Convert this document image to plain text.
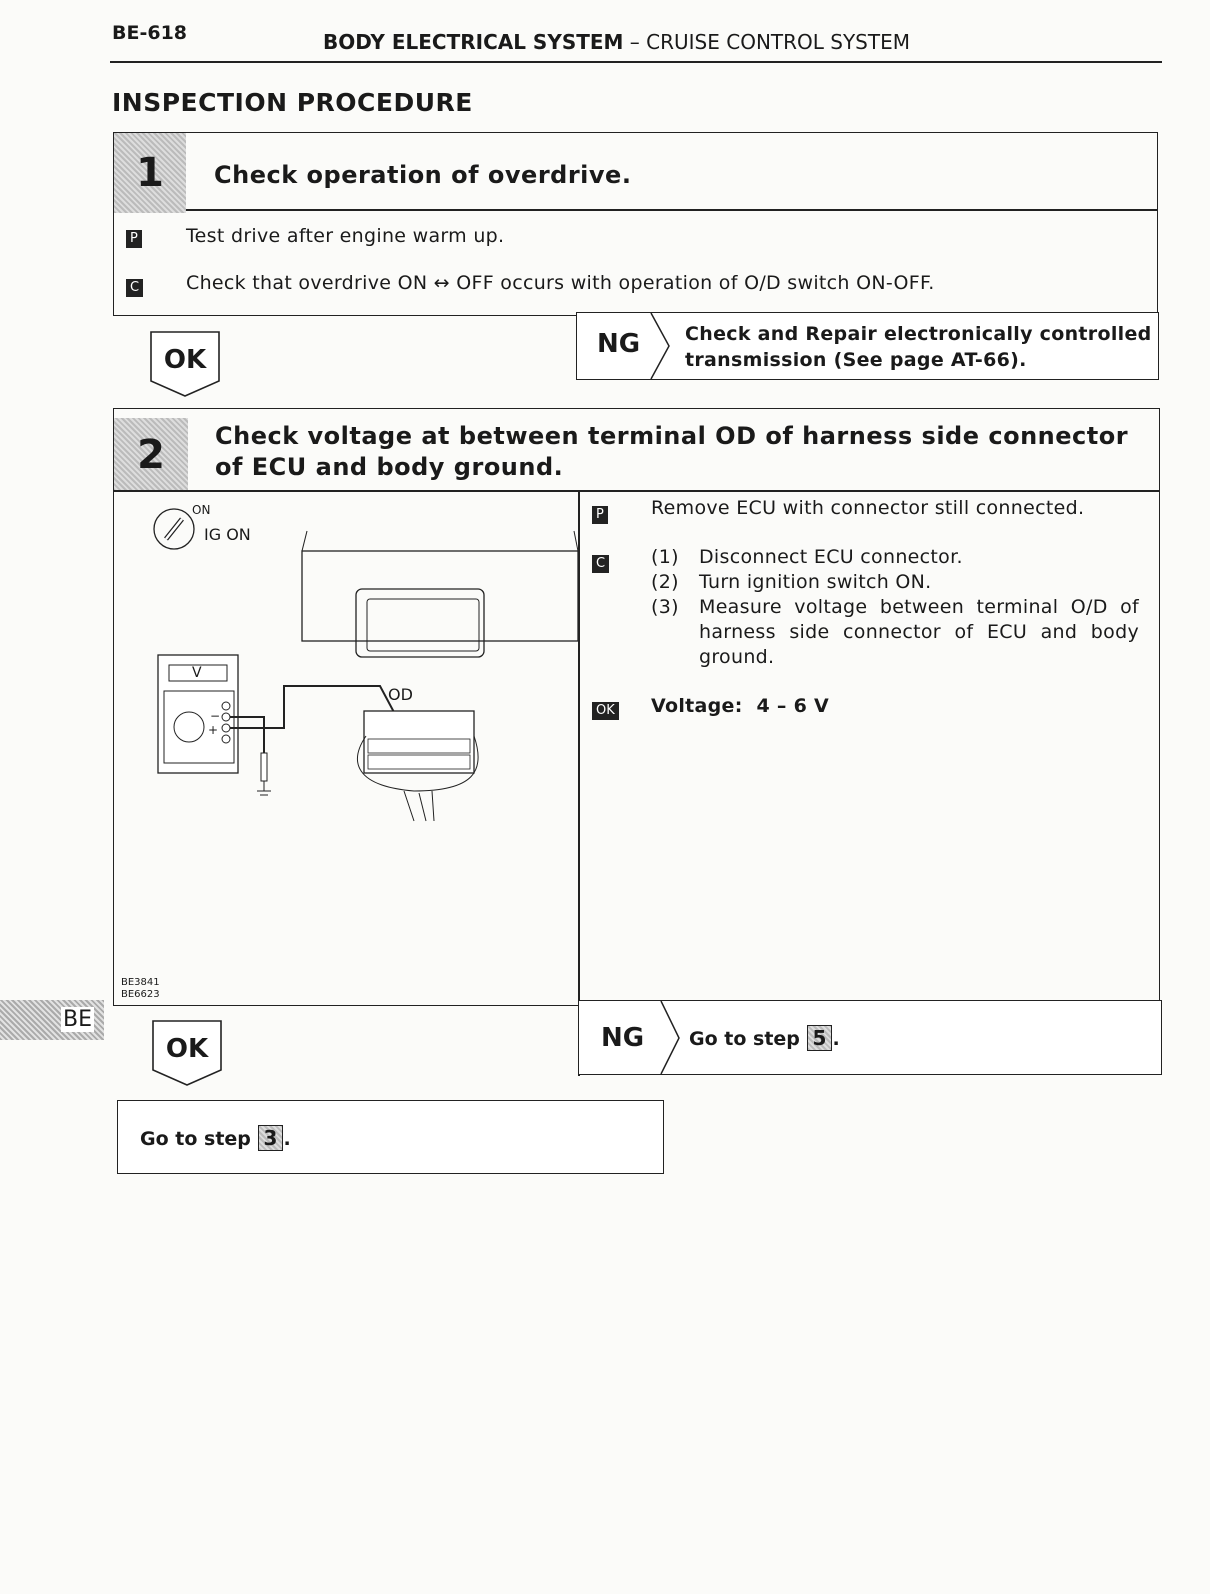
BE-618	BODY ELECTRICAL SYSTEM – CRUISE CONTROL SYSTEM
INSPECTION PROCEDURE
1	Check operation of overdrive.
P	Test drive after engine warm up.
C Check that overdrive ON ↔ OFF occurs with operation of O/D switch ON-OFF.
OK
NG Check and Repair electronically controlled
transmission (See page AT-66).
2	Check voltage at between terminal OD of harness side connector
of ECU and body ground.
ON
IG ON
V
−
+
OD
BE3841
BE6623
P Remove ECU with connector still connected.
C (1)	Disconnect ECU connector.
(2)	Turn ignition switch ON.
(3)	Measure voltage between terminal O/D of harness side connector of ECU and body ground.
OK Voltage: 4 – 6 V
NG Go to step 5 .
OK
Go to step 3 .
BE
